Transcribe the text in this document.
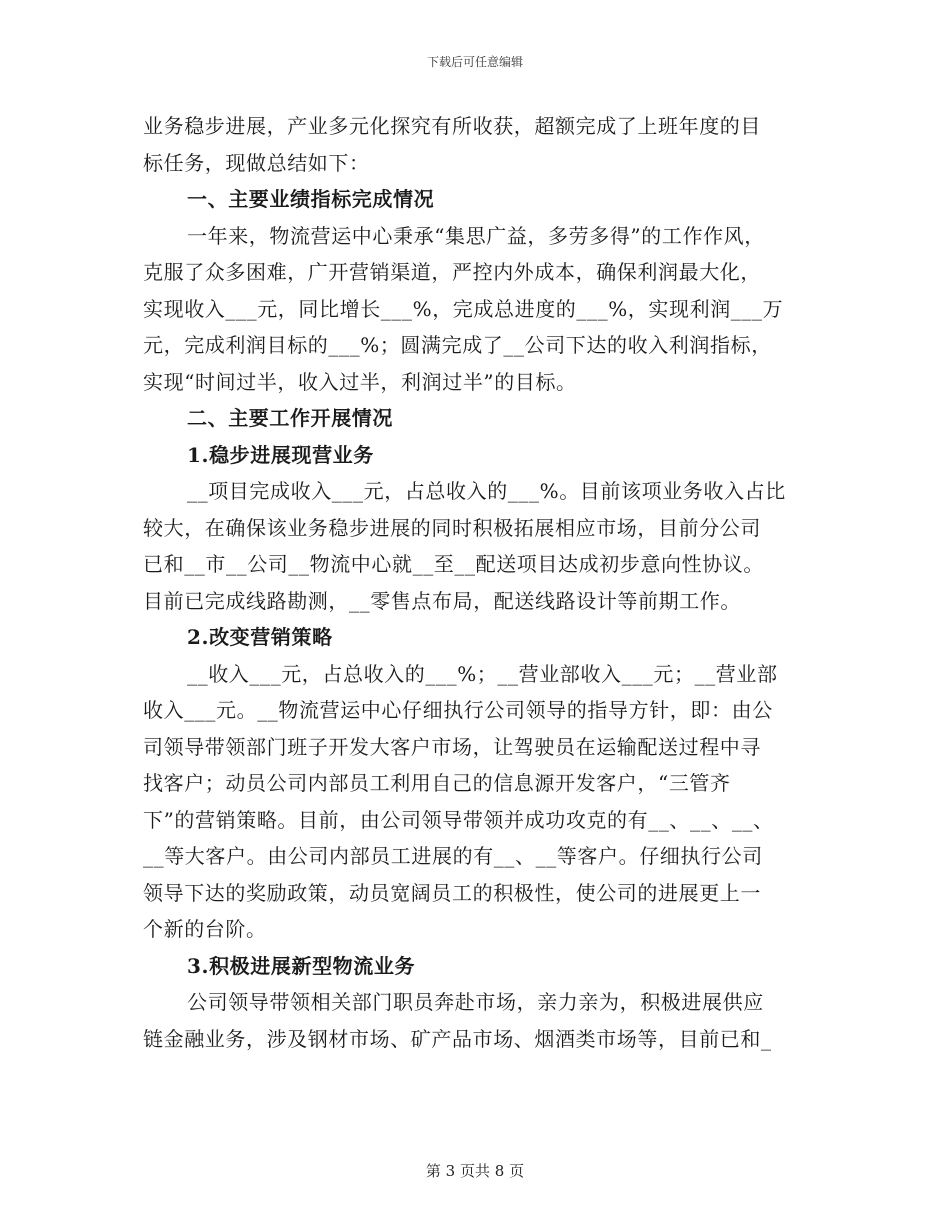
下载后可任意编辑
业务稳步进展，产业多元化探究有所收获，超额完成了上班年度的目
标任务，现做总结如下：
一、主要业绩指标完成情况
一年来，物流营运中心秉承“集思广益，多劳多得”的工作作风，
克服了众多困难，广开营销渠道，严控内外成本，确保利润最大化，
实现收入___元，同比增长___%，完成总进度的___%，实现利润___万
元，完成利润目标的___%；圆满完成了__公司下达的收入利润指标，
实现“时间过半，收入过半，利润过半”的目标。
二、主要工作开展情况
1.稳步进展现营业务
__项目完成收入___元，占总收入的___%。目前该项业务收入占比
较大，在确保该业务稳步进展的同时积极拓展相应市场，目前分公司
已和__市__公司__物流中心就__至__配送项目达成初步意向性协议。
目前已完成线路勘测，__零售点布局，配送线路设计等前期工作。
2.改变营销策略
__收入___元，占总收入的___%；__营业部收入___元；__营业部
收入___元。__物流营运中心仔细执行公司领导的指导方针，即：由公
司领导带领部门班子开发大客户市场，让驾驶员在运输配送过程中寻
找客户；动员公司内部员工利用自己的信息源开发客户，“三管齐
下”的营销策略。目前，由公司领导带领并成功攻克的有__、__、__、
__等大客户。由公司内部员工进展的有__、__等客户。仔细执行公司
领导下达的奖励政策，动员宽阔员工的积极性，使公司的进展更上一
个新的台阶。
3.积极进展新型物流业务
公司领导带领相关部门职员奔赴市场，亲力亲为，积极进展供应
链金融业务，涉及钢材市场、矿产品市场、烟酒类市场等，目前已和_
第 3 页共 8 页
